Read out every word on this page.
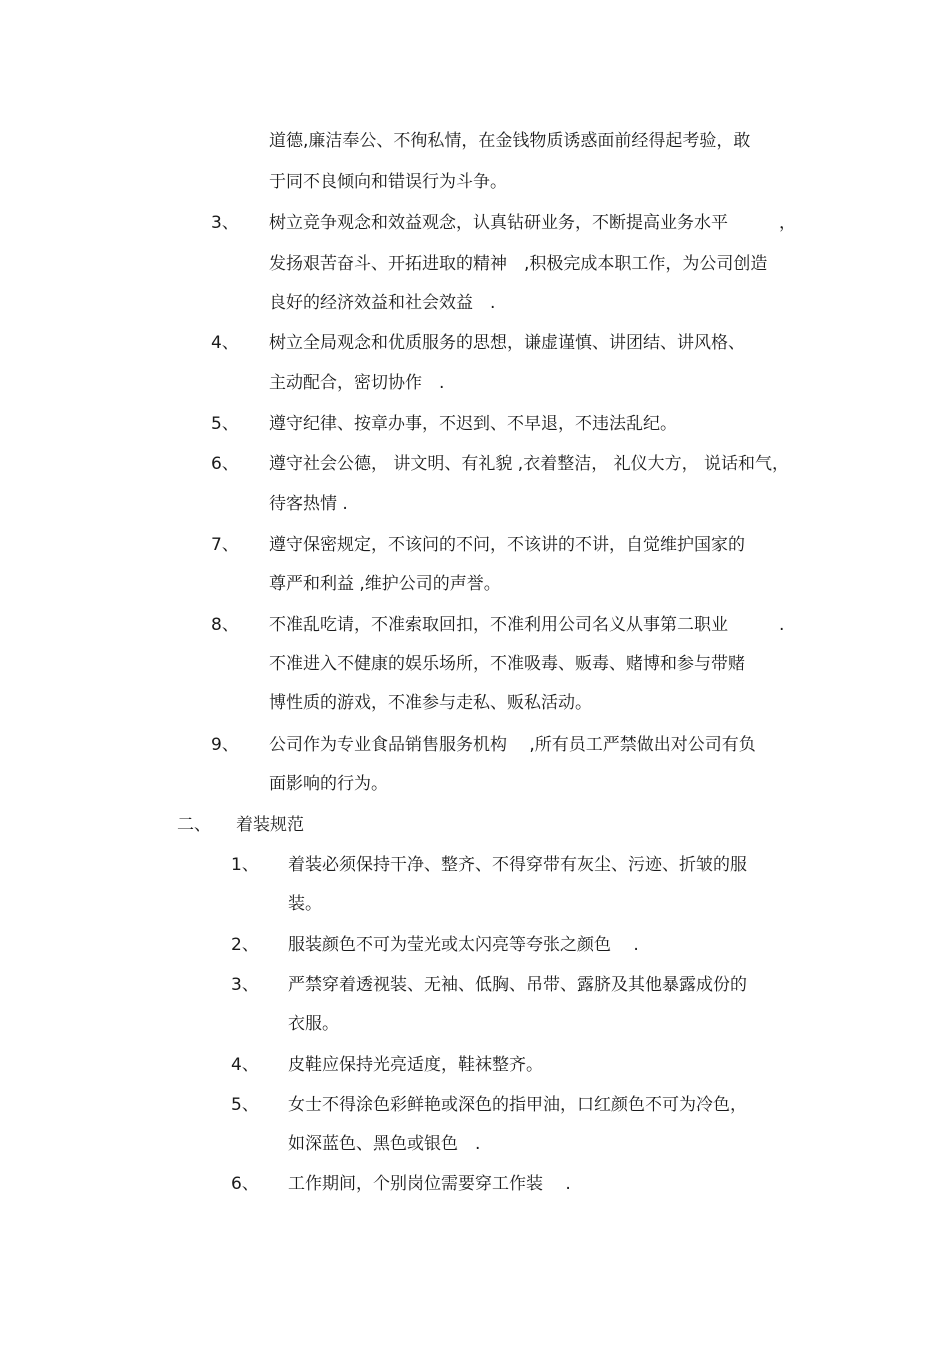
道德,廉洁奉公、不徇私情，在金钱物质诱惑面前经得起考验，敢
于同不良倾向和错误行为斗争。
3、 树立竞争观念和效益观念，认真钻研业务，不断提高业务水平　　　，
发扬艰苦奋斗、开拓进取的精神　,积极完成本职工作，为公司创造
良好的经济效益和社会效益　.
4、 树立全局观念和优质服务的思想，谦虚谨慎、讲团结、讲风格、
主动配合，密切协作　.
5、 遵守纪律、按章办事，不迟到、不早退，不违法乱纪。
6、 遵守社会公德， 讲文明、有礼貌 ,衣着整洁， 礼仪大方， 说话和气，
待客热情 .
7、 遵守保密规定，不该问的不问，不该讲的不讲，自觉维护国家的
尊严和利益 ,维护公司的声誉。
8、 不准乱吃请，不准索取回扣，不准利用公司名义从事第二职业　　　.
不准进入不健康的娱乐场所，不准吸毒、贩毒、赌博和参与带赌
博性质的游戏，不准参与走私、贩私活动。
9、 公司作为专业食品销售服务机构　 ,所有员工严禁做出对公司有负
面影响的行为。
二、 着装规范
1、 着装必须保持干净、整齐、不得穿带有灰尘、污迹、折皱的服
装。
2、 服装颜色不可为莹光或太闪亮等夸张之颜色　 .
3、 严禁穿着透视装、无袖、低胸、吊带、露脐及其他暴露成份的
衣服。
4、 皮鞋应保持光亮适度，鞋袜整齐。
5、 女士不得涂色彩鲜艳或深色的指甲油，口红颜色不可为冷色，
如深蓝色、黑色或银色　.
6、 工作期间，个别岗位需要穿工作装　 .
